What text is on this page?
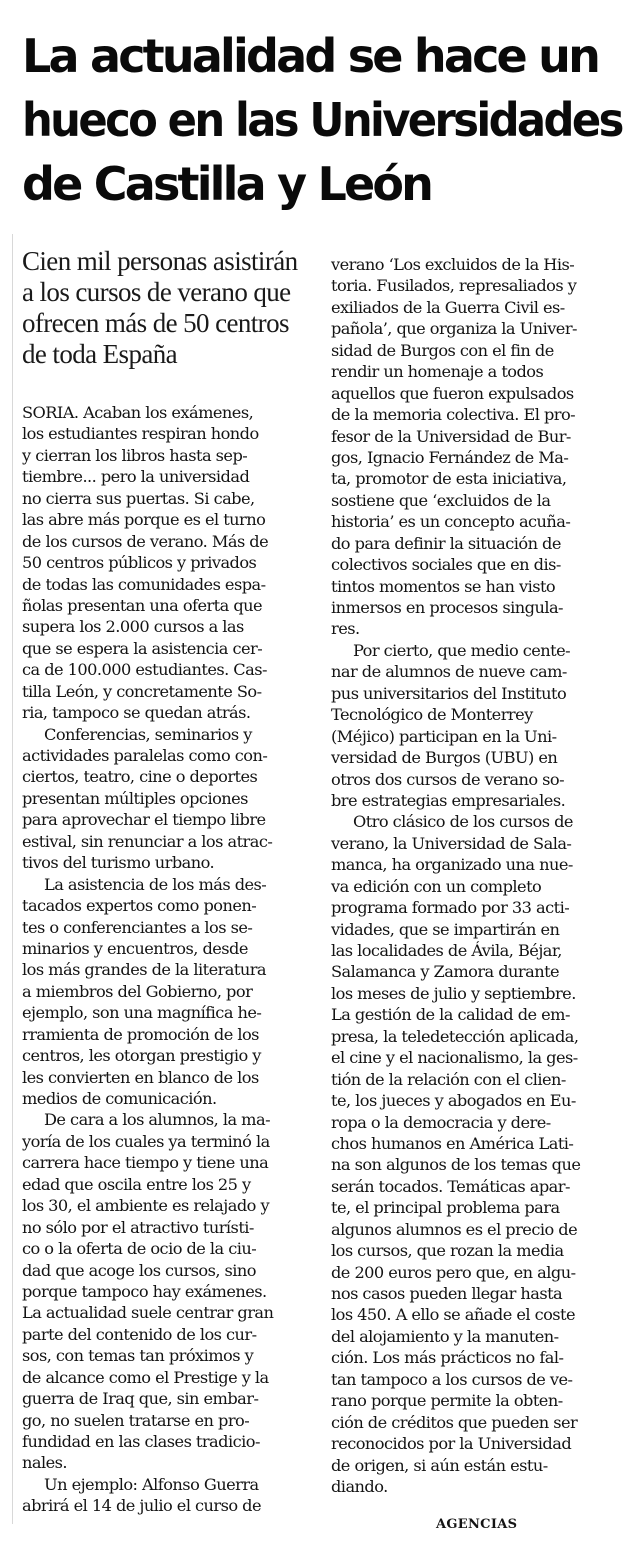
La actualidad se hace un
hueco en las Universidades
de Castilla y León
Cien mil personas asistirán
a los cursos de verano que
ofrecen más de 50 centros
de toda España
SORIA. Acaban los exámenes,
los estudiantes respiran hondo
y cierran los libros hasta sep-
tiembre... pero la universidad
no cierra sus puertas. Si cabe,
las abre más porque es el turno
de los cursos de verano. Más de
50 centros públicos y privados
de todas las comunidades espa-
ñolas presentan una oferta que
supera los 2.000 cursos a las
que se espera la asistencia cer-
ca de 100.000 estudiantes. Cas-
tilla León, y concretamente So-
ria, tampoco se quedan atrás.
Conferencias, seminarios y
actividades paralelas como con-
ciertos, teatro, cine o deportes
presentan múltiples opciones
para aprovechar el tiempo libre
estival, sin renunciar a los atrac-
tivos del turismo urbano.
La asistencia de los más des-
tacados expertos como ponen-
tes o conferenciantes a los se-
minarios y encuentros, desde
los más grandes de la literatura
a miembros del Gobierno, por
ejemplo, son una magnífica he-
rramienta de promoción de los
centros, les otorgan prestigio y
les convierten en blanco de los
medios de comunicación.
De cara a los alumnos, la ma-
yoría de los cuales ya terminó la
carrera hace tiempo y tiene una
edad que oscila entre los 25 y
los 30, el ambiente es relajado y
no sólo por el atractivo turísti-
co o la oferta de ocio de la ciu-
dad que acoge los cursos, sino
porque tampoco hay exámenes.
La actualidad suele centrar gran
parte del contenido de los cur-
sos, con temas tan próximos y
de alcance como el Prestige y la
guerra de Iraq que, sin embar-
go, no suelen tratarse en pro-
fundidad en las clases tradicio-
nales.
Un ejemplo: Alfonso Guerra
abrirá el 14 de julio el curso de
verano ‘Los excluidos de la His-
toria. Fusilados, represaliados y
exiliados de la Guerra Civil es-
pañola’, que organiza la Univer-
sidad de Burgos con el fin de
rendir un homenaje a todos
aquellos que fueron expulsados
de la memoria colectiva. El pro-
fesor de la Universidad de Bur-
gos, Ignacio Fernández de Ma-
ta, promotor de esta iniciativa,
sostiene que ‘excluidos de la
historia’ es un concepto acuña-
do para definir la situación de
colectivos sociales que en dis-
tintos momentos se han visto
inmersos en procesos singula-
res.
Por cierto, que medio cente-
nar de alumnos de nueve cam-
pus universitarios del Instituto
Tecnológico de Monterrey
(Méjico) participan en la Uni-
versidad de Burgos (UBU) en
otros dos cursos de verano so-
bre estrategias empresariales.
Otro clásico de los cursos de
verano, la Universidad de Sala-
manca, ha organizado una nue-
va edición con un completo
programa formado por 33 acti-
vidades, que se impartirán en
las localidades de Ávila, Béjar,
Salamanca y Zamora durante
los meses de julio y septiembre.
La gestión de la calidad de em-
presa, la teledetección aplicada,
el cine y el nacionalismo, la ges-
tión de la relación con el clien-
te, los jueces y abogados en Eu-
ropa o la democracia y dere-
chos humanos en América Lati-
na son algunos de los temas que
serán tocados. Temáticas apar-
te, el principal problema para
algunos alumnos es el precio de
los cursos, que rozan la media
de 200 euros pero que, en algu-
nos casos pueden llegar hasta
los 450. A ello se añade el coste
del alojamiento y la manuten-
ción. Los más prácticos no fal-
tan tampoco a los cursos de ve-
rano porque permite la obten-
ción de créditos que pueden ser
reconocidos por la Universidad
de origen, si aún están estu-
diando.
AGENCIAS
